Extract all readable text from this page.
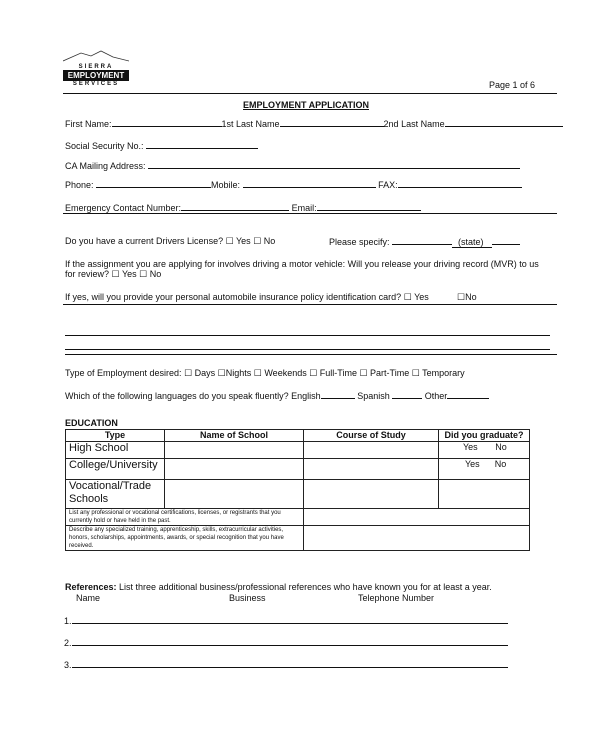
SIERRA
EMPLOYMENT
SERVICES	Page 1 of 6
EMPLOYMENT APPLICATION
First Name:	1st Last Name	2nd Last Name
Social Security No.:
CA Mailing Address:
Phone:	Mobile:	FAX:
Emergency Contact Number:	Email:
Do you have a current Drivers License? ☐ Yes ☐ No	Please specify:	(state)
If the assignment you are applying for involves driving a motor vehicle: Will you release your driving record (MVR) to us
for review? ☐ Yes ☐ No
If yes, will you provide your personal automobile insurance policy identification card? ☐ Yes	☐No
Type of Employment desired: ☐ Days ☐Nights ☐ Weekends ☐ Full-Time ☐ Part-Time ☐ Temporary
Which of the following languages do you speak fluently? English	Spanish	Other
EDUCATION
Type	Name of School	Course of Study	Did you graduate?
High School			Yes No
College/University			Yes No
Vocational/Trade Schools			
List any professional or vocational certifications, licenses, or registrants that you currently hold or have held in the past.			
Describe any specialized training, apprenticeship, skills, extracurricular activities, honors, scholarships, appointments, awards, or special recognition that you have received.			
References: List three additional business/professional references who have known you for at least a year.
Name	Business	Telephone Number
1.
2.
3.
